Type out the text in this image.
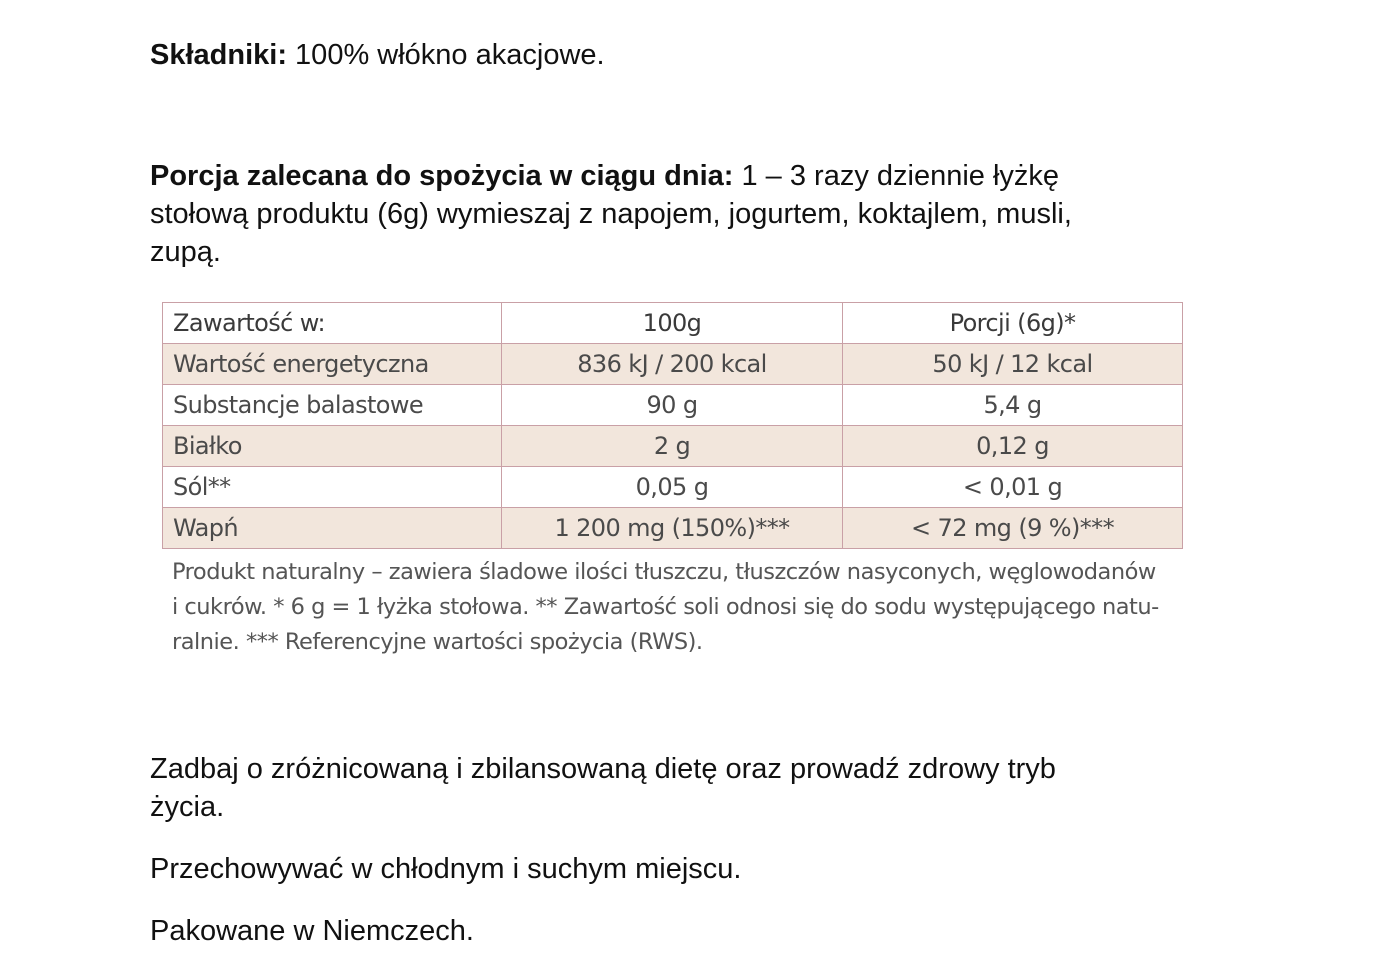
Składniki: 100% włókno akacjowe.

Porcja zalecana do spożycia w ciągu dnia: 1 – 3 razy dziennie łyżkę
stołową produktu (6g) wymieszaj z napojem, jogurtem, koktajlem, musli,
zupą.

Zawartość w:	100g	Porcji (6g)*
Wartość energetyczna	836 kJ / 200 kcal	50 kJ / 12 kcal
Substancje balastowe	90 g	5,4 g
Białko	2 g	0,12 g
Sól**	0,05 g	< 0,01 g
Wapń	1 200 mg (150%)***	< 72 mg (9 %)***
Produkt naturalny – zawiera śladowe ilości tłuszczu, tłuszczów nasyconych, węglowodanów
i cukrów. * 6 g = 1 łyżka stołowa. ** Zawartość soli odnosi się do sodu występującego natu-
ralnie. *** Referencyjne wartości spożycia (RWS).

Zadbaj o zróżnicowaną i zbilansowaną dietę oraz prowadź zdrowy tryb
życia.

Przechowywać w chłodnym i suchym miejscu.

Pakowane w Niemczech.
